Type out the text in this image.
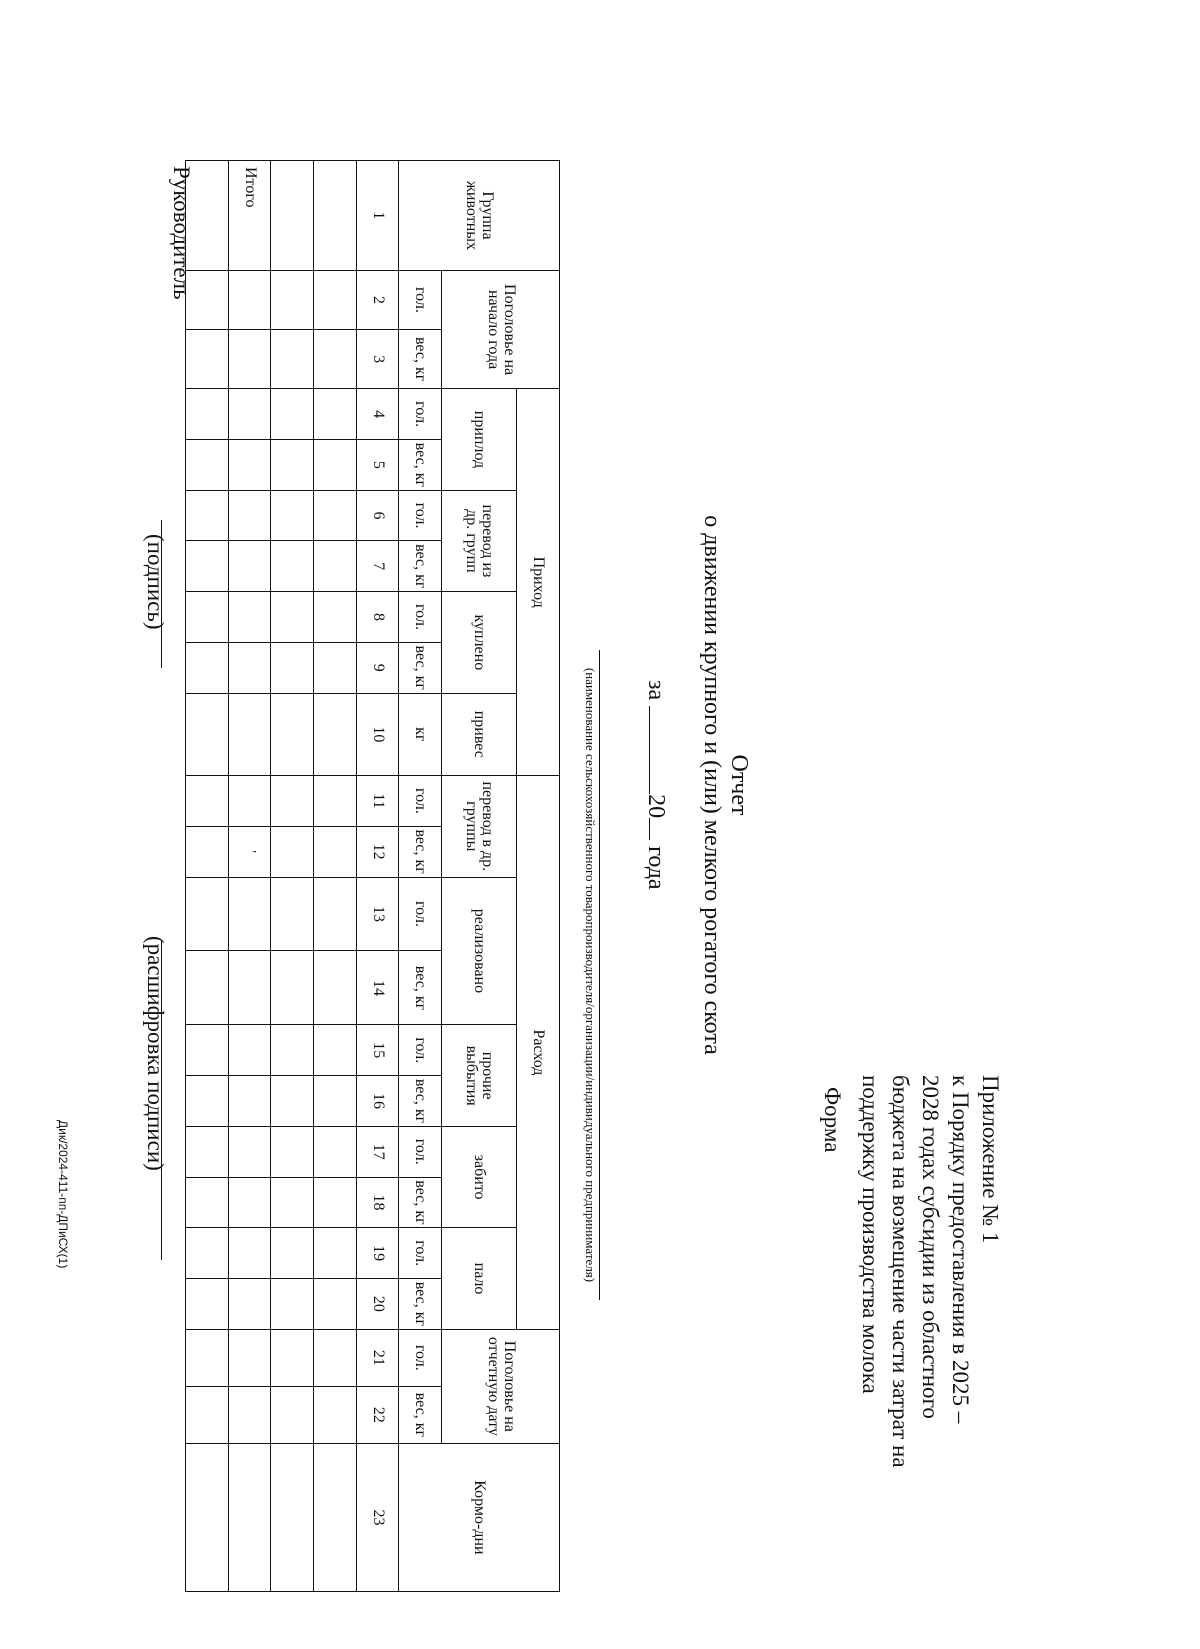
Приложение № 1
к Порядку предоставления в 2025 –
2028 годах субсидии из областного
бюджета на возмещение части затрат на
поддержку производства молока
Форма
Отчет
о движении крупного и (или) мелкого рогатого скота
за 20 года
(наименование сельскохозяйственного товаропроизводителя/организации/индивидуального предпринимателя)
Группа животных	Поголовье на начало года		Приход							Расход										Поголовье на отчетную дату		Кормо-дни
			приплод		перевод из др. групп		куплено		привес	перевод в др. группы		реализовано		прочие выбытия		забито		пало				
	гол.	вес, кг	гол.	вес, кг	гол.	вес, кг	гол.	вес, кг	кг	гол.	вес, кг	гол.	вес, кг	гол.	вес, кг	гол.	вес, кг	гол.	вес, кг	гол.	вес, кг	
1	2	3	4	5	6	7	8	9	10	11	12	13	14	15	16	17	18	19	20	21	22	23

Итого											'											

Руководитель
(подпись)
(расшифровка подписи)
Дик/2024-411-пп-ДПиСХ(1)
